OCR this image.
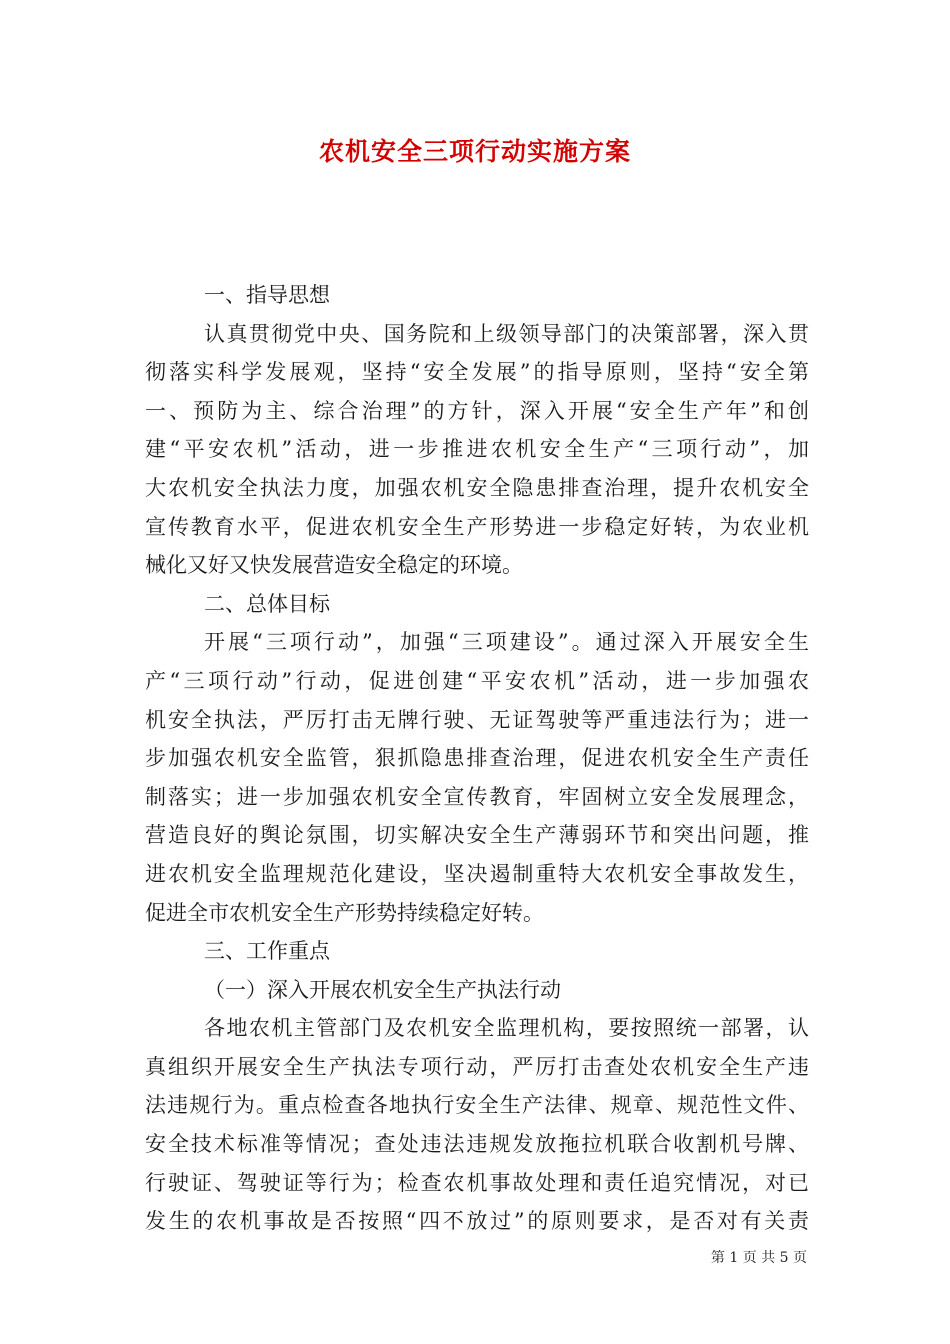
农机安全三项行动实施方案
一、指导思想
认真贯彻党中央、国务院和上级领导部门的决策部署，深入贯
彻落实科学发展观，坚持“安全发展”的指导原则，坚持“安全第
一、预防为主、综合治理”的方针，深入开展“安全生产年”和创
建“平安农机”活动，进一步推进农机安全生产“三项行动”，加
大农机安全执法力度，加强农机安全隐患排查治理，提升农机安全
宣传教育水平，促进农机安全生产形势进一步稳定好转，为农业机
械化又好又快发展营造安全稳定的环境。
二、总体目标
开展“三项行动”，加强“三项建设”。通过深入开展安全生
产“三项行动”行动，促进创建“平安农机”活动，进一步加强农
机安全执法，严厉打击无牌行驶、无证驾驶等严重违法行为；进一
步加强农机安全监管，狠抓隐患排查治理，促进农机安全生产责任
制落实；进一步加强农机安全宣传教育，牢固树立安全发展理念，
营造良好的舆论氛围，切实解决安全生产薄弱环节和突出问题，推
进农机安全监理规范化建设，坚决遏制重特大农机安全事故发生，
促进全市农机安全生产形势持续稳定好转。
三、工作重点
（一）深入开展农机安全生产执法行动
各地农机主管部门及农机安全监理机构，要按照统一部署，认
真组织开展安全生产执法专项行动，严厉打击查处农机安全生产违
法违规行为。重点检查各地执行安全生产法律、规章、规范性文件、
安全技术标准等情况；查处违法违规发放拖拉机联合收割机号牌、
行驶证、驾驶证等行为；检查农机事故处理和责任追究情况，对已
发生的农机事故是否按照“四不放过”的原则要求，是否对有关责
第 1 页 共 5 页
